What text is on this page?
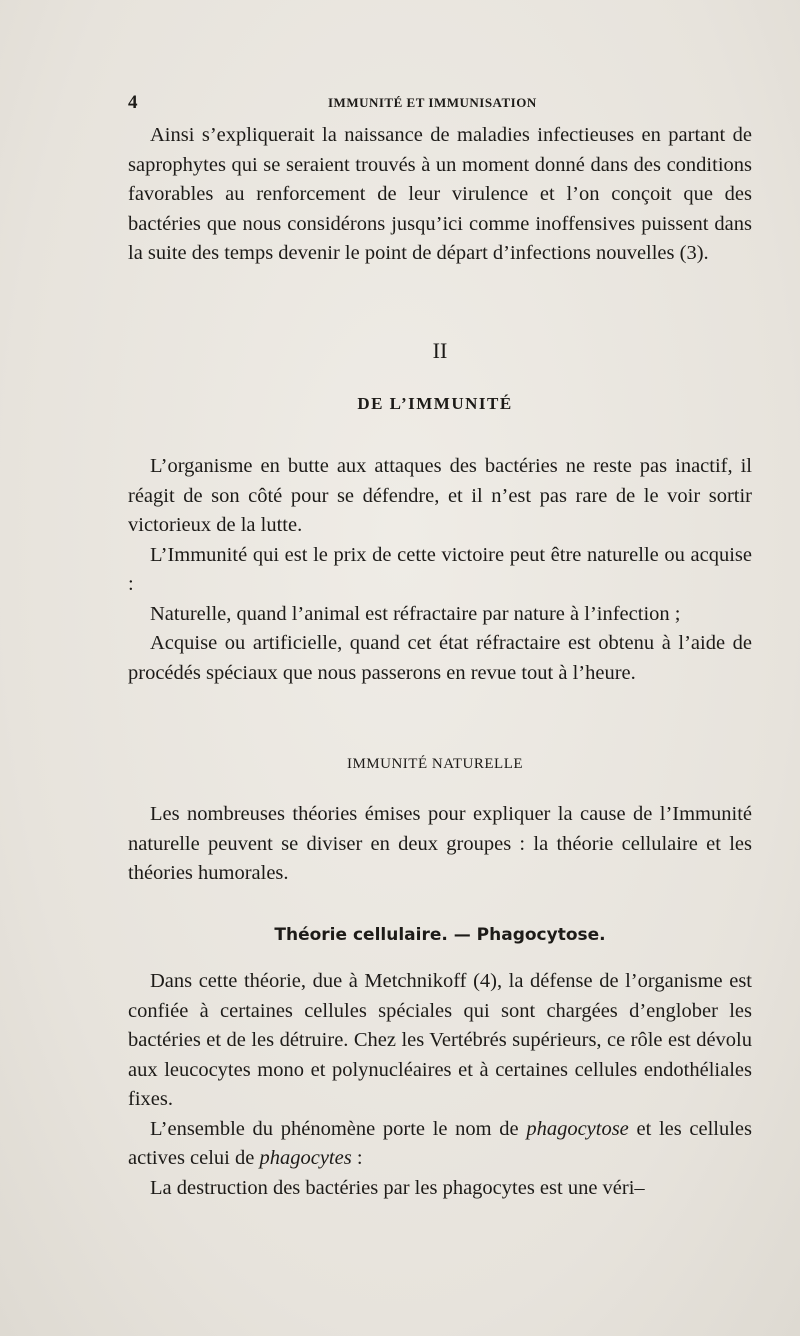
4	IMMUNITÉ ET IMMUNISATION

Ainsi s’expliquerait la naissance de maladies infectieuses en partant de saprophytes qui se seraient trouvés à un moment donné dans des conditions favorables au renforcement de leur virulence et l’on conçoit que des bactéries que nous considérons jusqu’ici comme inoffensives puissent dans la suite des temps devenir le point de départ d’infections nouvelles (3).

II
DE L’IMMUNITÉ

L’organisme en butte aux attaques des bactéries ne reste pas inactif, il réagit de son côté pour se défendre, et il n’est pas rare de le voir sortir victorieux de la lutte.

L’Immunité qui est le prix de cette victoire peut être naturelle ou acquise :

Naturelle, quand l’animal est réfractaire par nature à l’infection ;

Acquise ou artificielle, quand cet état réfractaire est obtenu à l’aide de procédés spéciaux que nous passerons en revue tout à l’heure.

IMMUNITÉ NATURELLE

Les nombreuses théories émises pour expliquer la cause de l’Immunité naturelle peuvent se diviser en deux groupes : la théorie cellulaire et les théories humorales.

Théorie cellulaire. — Phagocytose.

Dans cette théorie, due à Metchnikoff (4), la défense de l’organisme est confiée à certaines cellules spéciales qui sont chargées d’englober les bactéries et de les détruire. Chez les Vertébrés supérieurs, ce rôle est dévolu aux leucocytes mono et polynucléaires et à certaines cellules endothéliales fixes.

L’ensemble du phénomène porte le nom de phagocytose et les cellules actives celui de phagocytes :

La destruction des bactéries par les phagocytes est une véri–
